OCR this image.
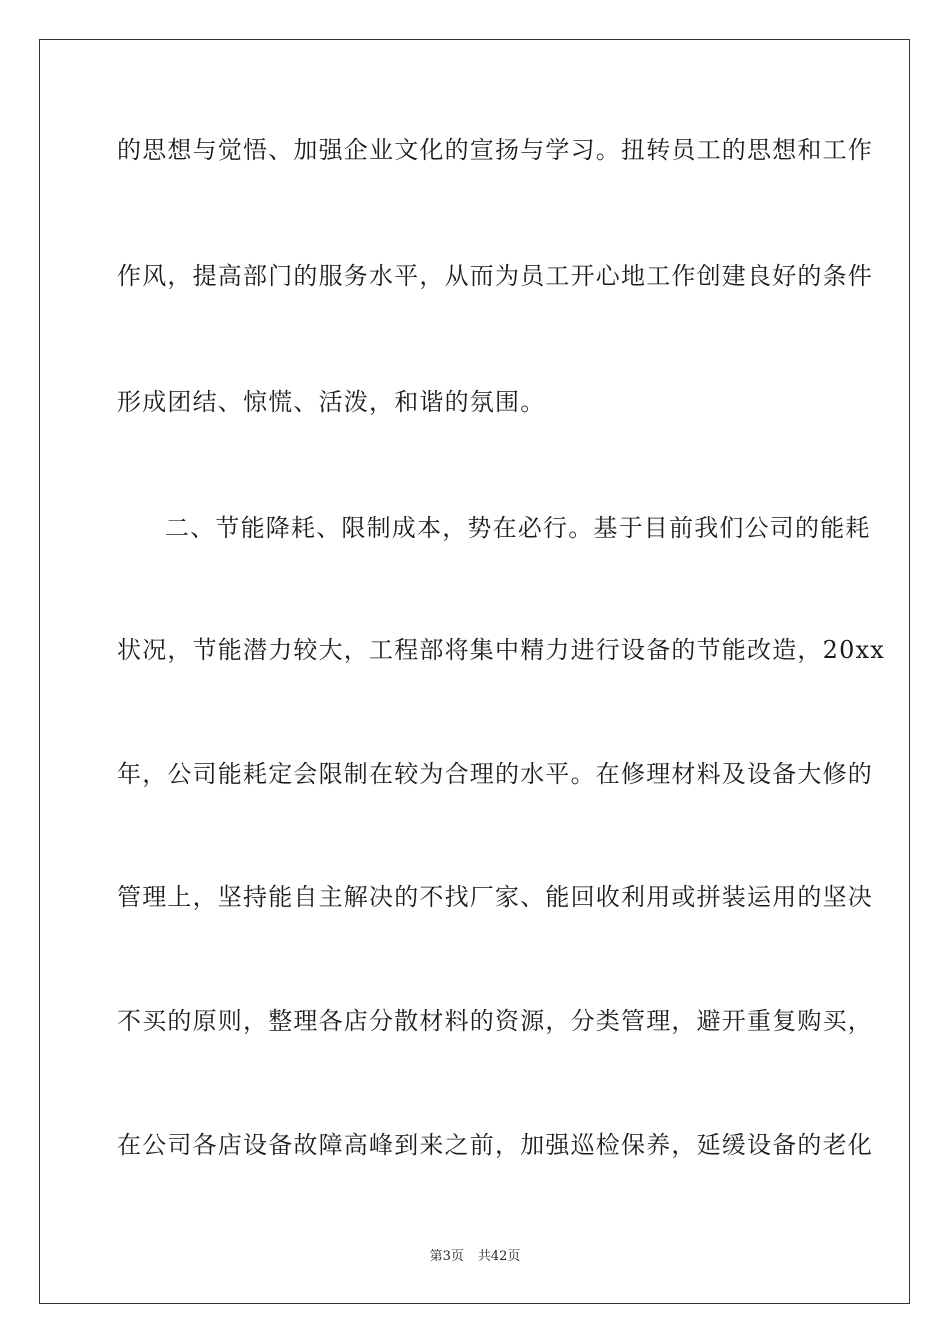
的思想与觉悟、加强企业文化的宣扬与学习。扭转员工的思想和工作
作风，提高部门的服务水平，从而为员工开心地工作创建良好的条件
形成团结、惊慌、活泼，和谐的氛围。
二、节能降耗、限制成本，势在必行。基于目前我们公司的能耗
状况，节能潜力较大，工程部将集中精力进行设备的节能改造，20xx
年，公司能耗定会限制在较为合理的水平。在修理材料及设备大修的
管理上，坚持能自主解决的不找厂家、能回收利用或拼装运用的坚决
不买的原则，整理各店分散材料的资源，分类管理，避开重复购买，
在公司各店设备故障高峰到来之前，加强巡检保养，延缓设备的老化
第3页 共42页
